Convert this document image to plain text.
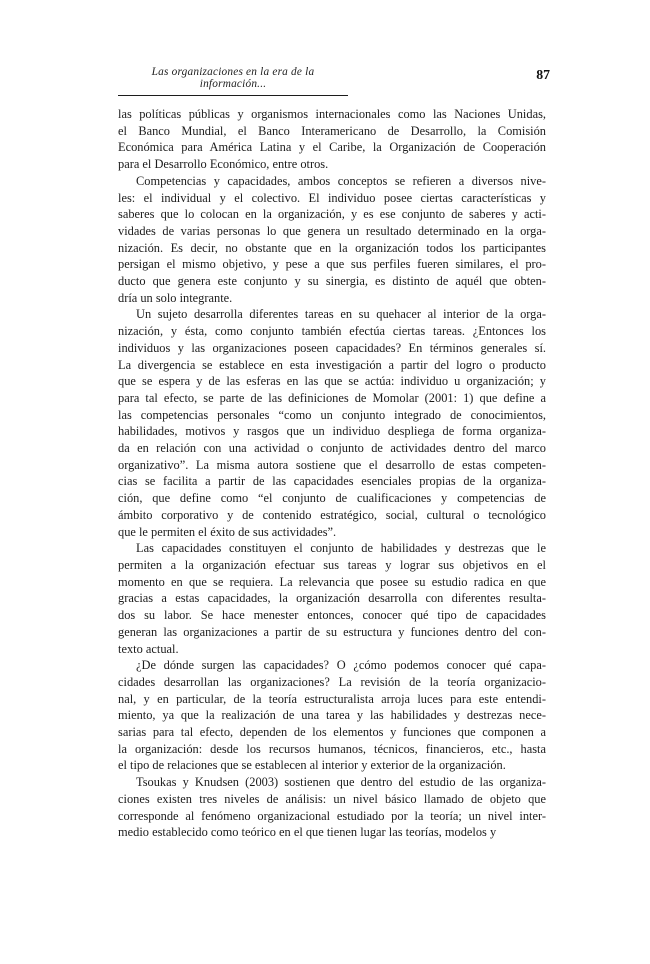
Las organizaciones en la era de la información...
87
las políticas públicas y organismos internacionales como las Naciones Unidas,
el Banco Mundial, el Banco Interamericano de Desarrollo, la Comisión
Económica para América Latina y el Caribe, la Organización de Cooperación
para el Desarrollo Económico, entre otros.
Competencias y capacidades, ambos conceptos se refieren a diversos nive-
les: el individual y el colectivo. El individuo posee ciertas características y
saberes que lo colocan en la organización, y es ese conjunto de saberes y acti-
vidades de varias personas lo que genera un resultado determinado en la orga-
nización. Es decir, no obstante que en la organización todos los participantes
persigan el mismo objetivo, y pese a que sus perfiles fueren similares, el pro-
ducto que genera este conjunto y su sinergia, es distinto de aquél que obten-
dría un solo integrante.
Un sujeto desarrolla diferentes tareas en su quehacer al interior de la orga-
nización, y ésta, como conjunto también efectúa ciertas tareas. ¿Entonces los
individuos y las organizaciones poseen capacidades? En términos generales sí.
La divergencia se establece en esta investigación a partir del logro o producto
que se espera y de las esferas en las que se actúa: individuo u organización; y
para tal efecto, se parte de las definiciones de Momolar (2001: 1) que define a
las competencias personales “como un conjunto integrado de conocimientos,
habilidades, motivos y rasgos que un individuo despliega de forma organiza-
da en relación con una actividad o conjunto de actividades dentro del marco
organizativo”. La misma autora sostiene que el desarrollo de estas competen-
cias se facilita a partir de las capacidades esenciales propias de la organiza-
ción, que define como “el conjunto de cualificaciones y competencias de
ámbito corporativo y de contenido estratégico, social, cultural o tecnológico
que le permiten el éxito de sus actividades”.
Las capacidades constituyen el conjunto de habilidades y destrezas que le
permiten a la organización efectuar sus tareas y lograr sus objetivos en el
momento en que se requiera. La relevancia que posee su estudio radica en que
gracias a estas capacidades, la organización desarrolla con diferentes resulta-
dos su labor. Se hace menester entonces, conocer qué tipo de capacidades
generan las organizaciones a partir de su estructura y funciones dentro del con-
texto actual.
¿De dónde surgen las capacidades? O ¿cómo podemos conocer qué capa-
cidades desarrollan las organizaciones? La revisión de la teoría organizacio-
nal, y en particular, de la teoría estructuralista arroja luces para este entendi-
miento, ya que la realización de una tarea y las habilidades y destrezas nece-
sarias para tal efecto, dependen de los elementos y funciones que componen a
la organización: desde los recursos humanos, técnicos, financieros, etc., hasta
el tipo de relaciones que se establecen al interior y exterior de la organización.
Tsoukas y Knudsen (2003) sostienen que dentro del estudio de las organiza-
ciones existen tres niveles de análisis: un nivel básico llamado de objeto que
corresponde al fenómeno organizacional estudiado por la teoría; un nivel inter-
medio establecido como teórico en el que tienen lugar las teorías, modelos y
